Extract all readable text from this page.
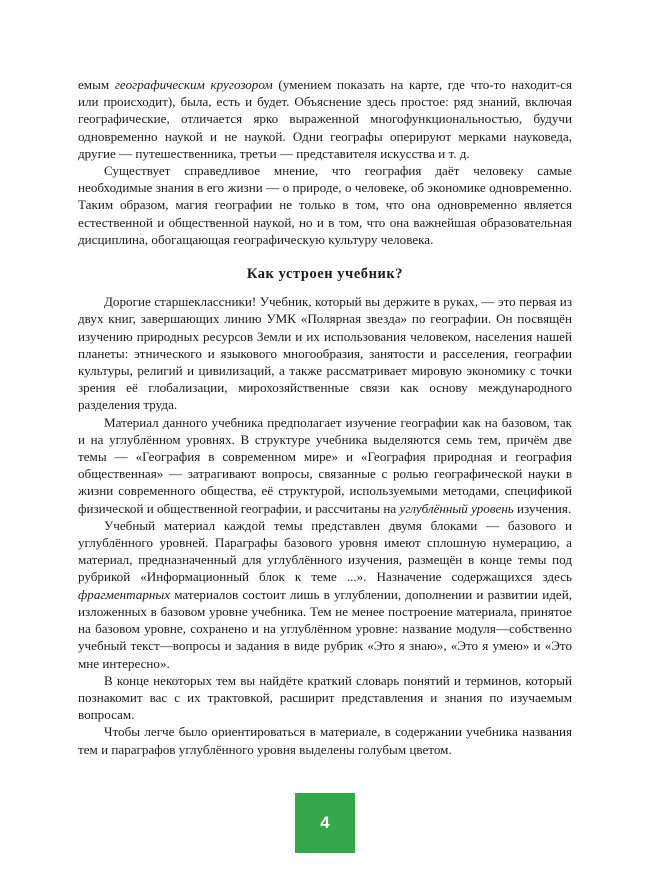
емым географическим кругозором (умением показать на карте, где что-то находит-ся или происходит), была, есть и будет. Объяснение здесь простое: ряд знаний, включая географические, отличается ярко выраженной многофункциональностью, будучи одновременно наукой и не наукой. Одни географы оперируют мерками науковеда, другие — путешественника, третьи — представителя искусства и т. д.

Существует справедливое мнение, что география даёт человеку самые необходимые знания в его жизни — о природе, о человеке, об экономике одновременно. Таким образом, магия географии не только в том, что она одновременно является естественной и общественной наукой, но и в том, что она важнейшая образовательная дисциплина, обогащающая географическую культуру человека.

Как устроен учебник?

Дорогие старшеклассники! Учебник, который вы держите в руках, — это первая из двух книг, завершающих линию УМК «Полярная звезда» по географии. Он посвящён изучению природных ресурсов Земли и их использования человеком, населения нашей планеты: этнического и языкового многообразия, занятости и расселения, географии культуры, религий и цивилизаций, а также рассматривает мировую экономику с точки зрения её глобализации, мирохозяйственные связи как основу международного разделения труда.

Материал данного учебника предполагает изучение географии как на базовом, так и на углублённом уровнях. В структуре учебника выделяются семь тем, причём две темы — «География в современном мире» и «География природная и география общественная» — затрагивают вопросы, связанные с ролью географической науки в жизни современного общества, её структурой, используемыми методами, спецификой физической и общественной географии, и рассчитаны на углублённый уровень изучения.

Учебный материал каждой темы представлен двумя блоками — базового и углублённого уровней. Параграфы базового уровня имеют сплошную нумерацию, а материал, предназначенный для углублённого изучения, размещён в конце темы под рубрикой «Информационный блок к теме ...». Назначение содержащихся здесь фрагментарных материалов состоит лишь в углублении, дополнении и развитии идей, изложенных в базовом уровне учебника. Тем не менее построение материала, принятое на базовом уровне, сохранено и на углублённом уровне: название модуля—собственно учебный текст—вопросы и задания в виде рубрик «Это я знаю», «Это я умею» и «Это мне интересно».

В конце некоторых тем вы найдёте краткий словарь понятий и терминов, который познакомит вас с их трактовкой, расширит представления и знания по изучаемым вопросам.

Чтобы легче было ориентироваться в материале, в содержании учебника названия тем и параграфов углублённого уровня выделены голубым цветом.

4
